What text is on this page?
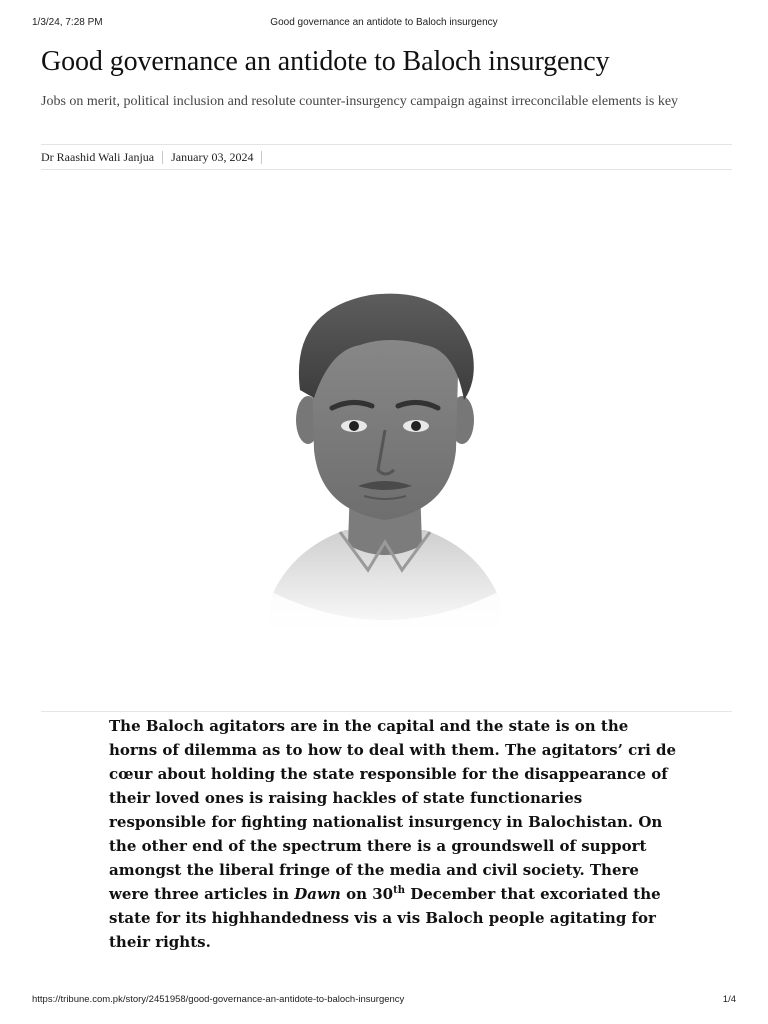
1/3/24, 7:28 PM	Good governance an antidote to Baloch insurgency
Good governance an antidote to Baloch insurgency

Jobs on merit, political inclusion and resolute counter-insurgency campaign against irreconcilable elements is key

Dr Raashid Wali Janjua January 03, 2024

The Baloch agitators are in the capital and the state is on the horns of dilemma as to how to deal with them. The agitators’ cri de cœur about holding the state responsible for the disappearance of their loved ones is raising hackles of state functionaries responsible for fighting nationalist insurgency in Balochistan. On the other end of the spectrum there is a groundswell of support amongst the liberal fringe of the media and civil society. There were three articles in Dawn on 30th December that excoriated the state for its highhandedness vis a vis Baloch people agitating for their rights.

https://tribune.com.pk/story/2451958/good-governance-an-antidote-to-baloch-insurgency	1/4
